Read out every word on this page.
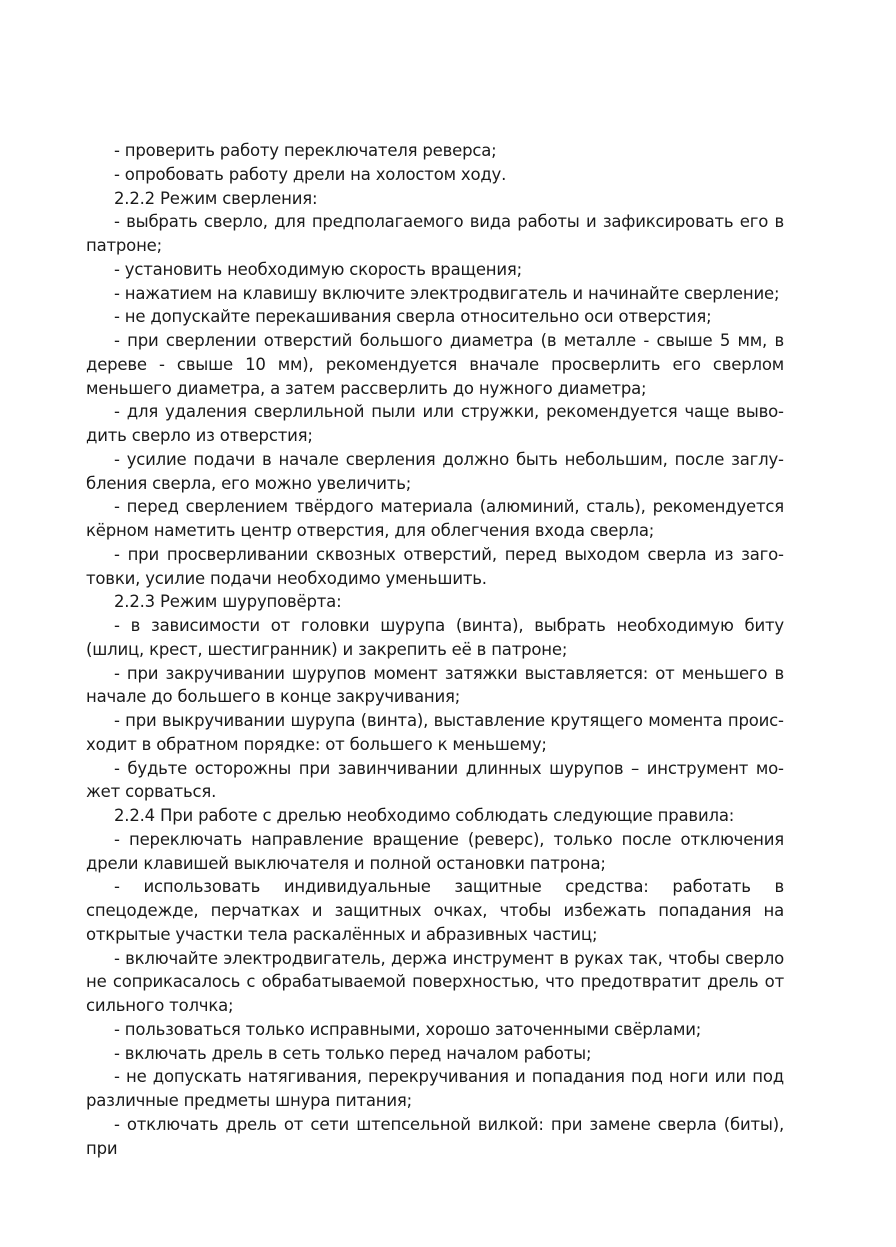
- проверить работу переключателя реверса;

- опробовать работу дрели на холостом ходу.

2.2.2 Режим сверления:

- выбрать сверло, для предполагаемого вида работы и зафиксировать его в патроне;

- установить необходимую скорость вращения;

- нажатием на клавишу включите электродвигатель и начинайте сверление;

- не допускайте перекашивания сверла относительно оси отверстия;

- при сверлении отверстий большого диаметра (в металле - свыше 5 мм, в дереве - свыше 10 мм), рекомендуется вначале просверлить его сверлом меньшего диаметра, а затем рассверлить до нужного диаметра;

- для удаления сверлильной пыли или стружки, рекомендуется чаще выводить сверло из отверстия;

- усилие подачи в начале сверления должно быть небольшим, после заглубления сверла, его можно увеличить;

- перед сверлением твёрдого материала (алюминий, сталь), рекомендуется кёрном наметить центр отверстия, для облегчения входа сверла;

- при просверливании сквозных отверстий, перед выходом сверла из заготовки, усилие подачи необходимо уменьшить.

2.2.3 Режим шуруповёрта:

- в зависимости от головки шурупа (винта), выбрать необходимую биту (шлиц, крест, шестигранник) и закрепить её в патроне;

- при закручивании шурупов момент затяжки выставляется: от меньшего в начале до большего в конце закручивания;

- при выкручивании шурупа (винта), выставление крутящего момента происходит в обратном порядке: от большего к меньшему;

- будьте осторожны при завинчивании длинных шурупов – инструмент может сорваться.

2.2.4 При работе с дрелью необходимо соблюдать следующие правила:

- переключать направление вращение (реверс), только после отключения дрели клавишей выключателя и полной остановки патрона;

- использовать индивидуальные защитные средства: работать в спецодежде, перчатках и защитных очках, чтобы избежать попадания на открытые участки тела раскалённых и абразивных частиц;

- включайте электродвигатель, держа инструмент в руках так, чтобы сверло не соприкасалось с обрабатываемой поверхностью, что предотвратит дрель от сильного толчка;

- пользоваться только исправными, хорошо заточенными свёрлами;

- включать дрель в сеть только перед началом работы;

- не допускать натягивания, перекручивания и попадания под ноги или под различные предметы шнура питания;

- отключать дрель от сети штепсельной вилкой: при замене сверла (биты), при
